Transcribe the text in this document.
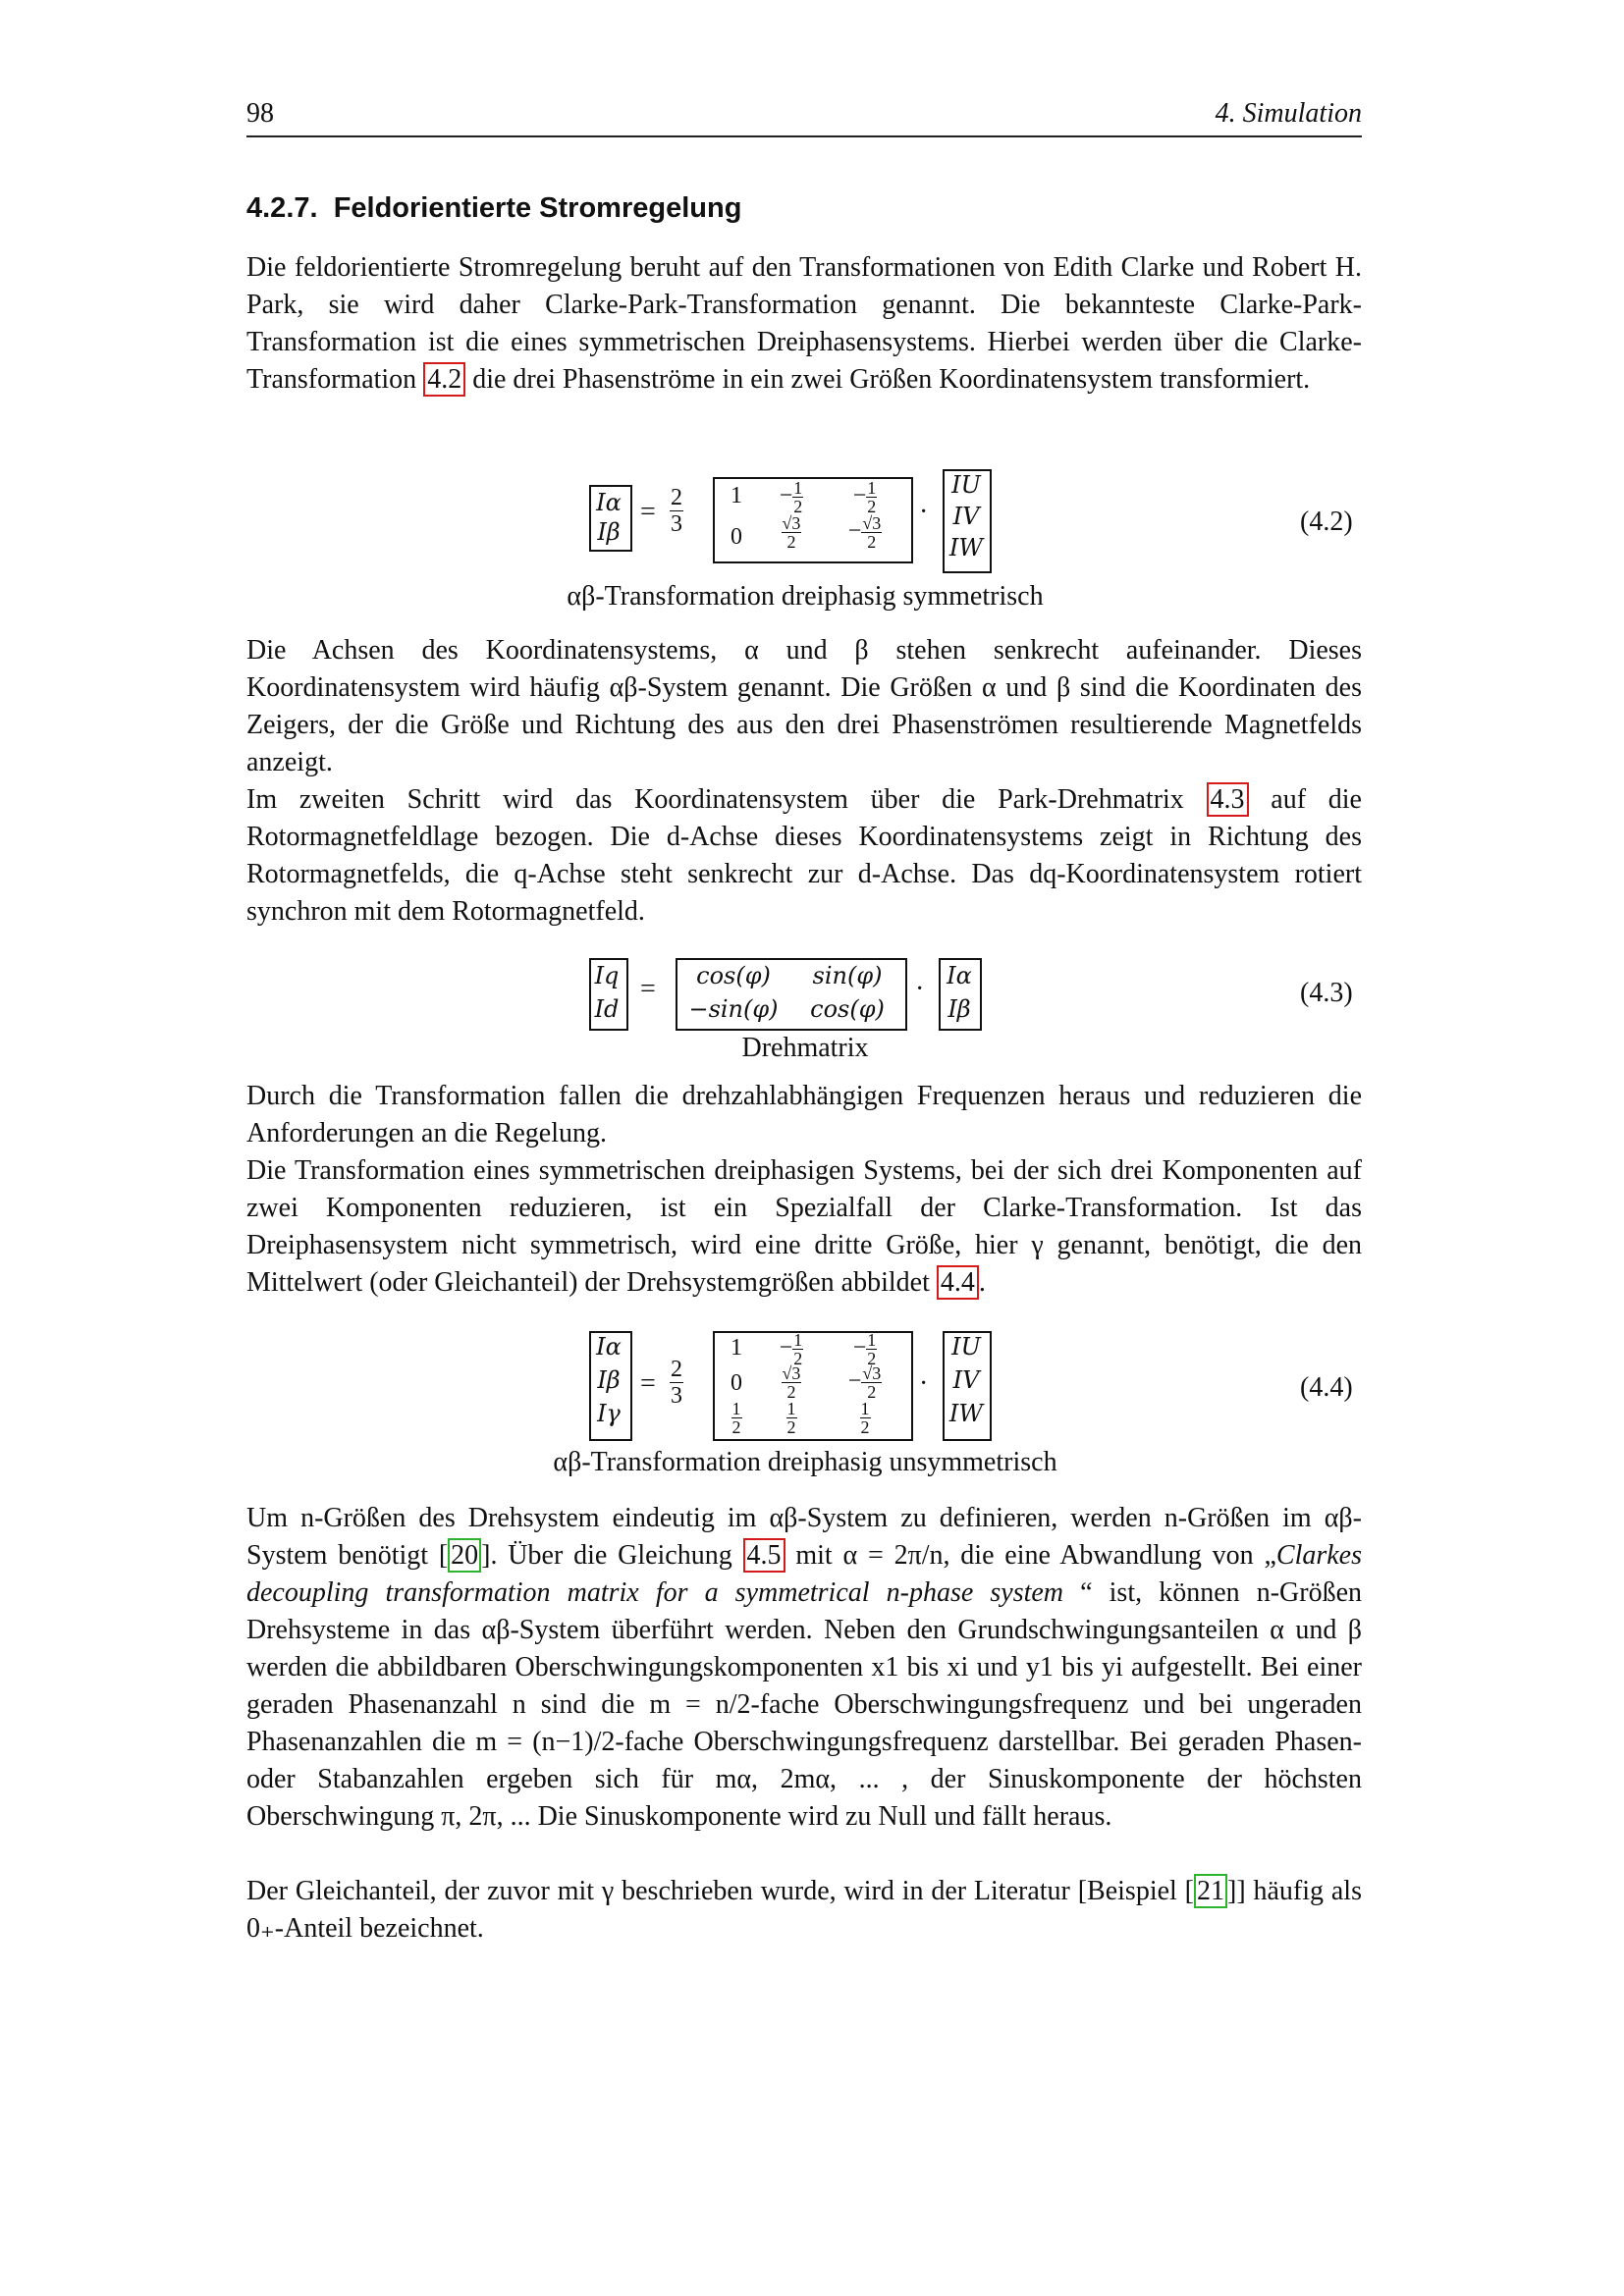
98	4. Simulation
4.2.7. Feldorientierte Stromregelung

Die feldorientierte Stromregelung beruht auf den Transformationen von Edith Clarke und Robert H. Park, sie wird daher Clarke-Park-Transformation genannt. Die bekannteste Clarke-Park-Transformation ist die eines symmetrischen Dreiphasensystems. Hierbei werden über die Clarke-Transformation 4.2 die drei Phasenströme in ein zwei Größen Koordinatensystem transformiert.

Iα
Iβ
= $\frac{2}{3}$	1	− $\frac{1}{2}$	− $\frac{1}{2}$
0	$\frac{√3}{2}$	− $\frac{√3}{2}$
·
IU
IV
IW
(4.2)
αβ-Transformation dreiphasig symmetrisch

Die Achsen des Koordinatensystems, α und β stehen senkrecht aufeinander. Dieses Koordinatensystem wird häufig αβ-System genannt. Die Größen α und β sind die Koordinaten des Zeigers, der die Größe und Richtung des aus den drei Phasenströmen resultierende Magnetfelds anzeigt.

Im zweiten Schritt wird das Koordinatensystem über die Park-Drehmatrix 4.3 auf die Rotormagnetfeldlage bezogen. Die d-Achse dieses Koordinatensystems zeigt in Richtung des Rotormagnetfelds, die q-Achse steht senkrecht zur d-Achse. Das dq-Koordinatensystem rotiert synchron mit dem Rotormagnetfeld.

Iq
Id
=	cos(φ)	sin(φ)
−sin(φ)	cos(φ)
· Iα
Iβ
(4.3)
Drehmatrix

Durch die Transformation fallen die drehzahlabhängigen Frequenzen heraus und reduzieren die Anforderungen an die Regelung.

Die Transformation eines symmetrischen dreiphasigen Systems, bei der sich drei Komponenten auf zwei Komponenten reduzieren, ist ein Spezialfall der Clarke-Transformation. Ist das Dreiphasensystem nicht symmetrisch, wird eine dritte Größe, hier γ genannt, benötigt, die den Mittelwert (oder Gleichanteil) der Drehsystemgrößen abbildet 4.4 .

Iα
Iβ
Iγ
= $\frac{2}{3}$
1	− $\frac{1}{2}$	− $\frac{1}{2}$
0	$\frac{√3}{2}$	− $\frac{√3}{2}$
$\frac{1}{2}$	$\frac{1}{2}$	$\frac{1}{2}$
·
IU
IV
IW
(4.4)
αβ-Transformation dreiphasig unsymmetrisch

Um n-Größen des Drehsystem eindeutig im αβ-System zu definieren, werden n-Größen im αβ-System benötigt [ 20 ]. Über die Gleichung 4.5 mit α = 2π/n, die eine Abwandlung von „Clarkes decoupling transformation matrix for a symmetrical n-phase system “ ist, können n-Größen Drehsysteme in das αβ-System überführt werden. Neben den Grundschwingungsanteilen α und β werden die abbildbaren Oberschwingungskomponenten x1 bis xi und y1 bis yi aufgestellt. Bei einer geraden Phasenanzahl n sind die m = n/2-fache Oberschwingungsfrequenz und bei ungeraden Phasenanzahlen die m = (n−1)/2-fache Oberschwingungsfrequenz darstellbar. Bei geraden Phasen- oder Stabanzahlen ergeben sich für mα, 2mα, ... , der Sinuskomponente der höchsten Oberschwingung π, 2π, ... Die Sinuskomponente wird zu Null und fällt heraus.

Der Gleichanteil, der zuvor mit γ beschrieben wurde, wird in der Literatur [Beispiel [ 21 ]] häufig als 0₊-Anteil bezeichnet.
